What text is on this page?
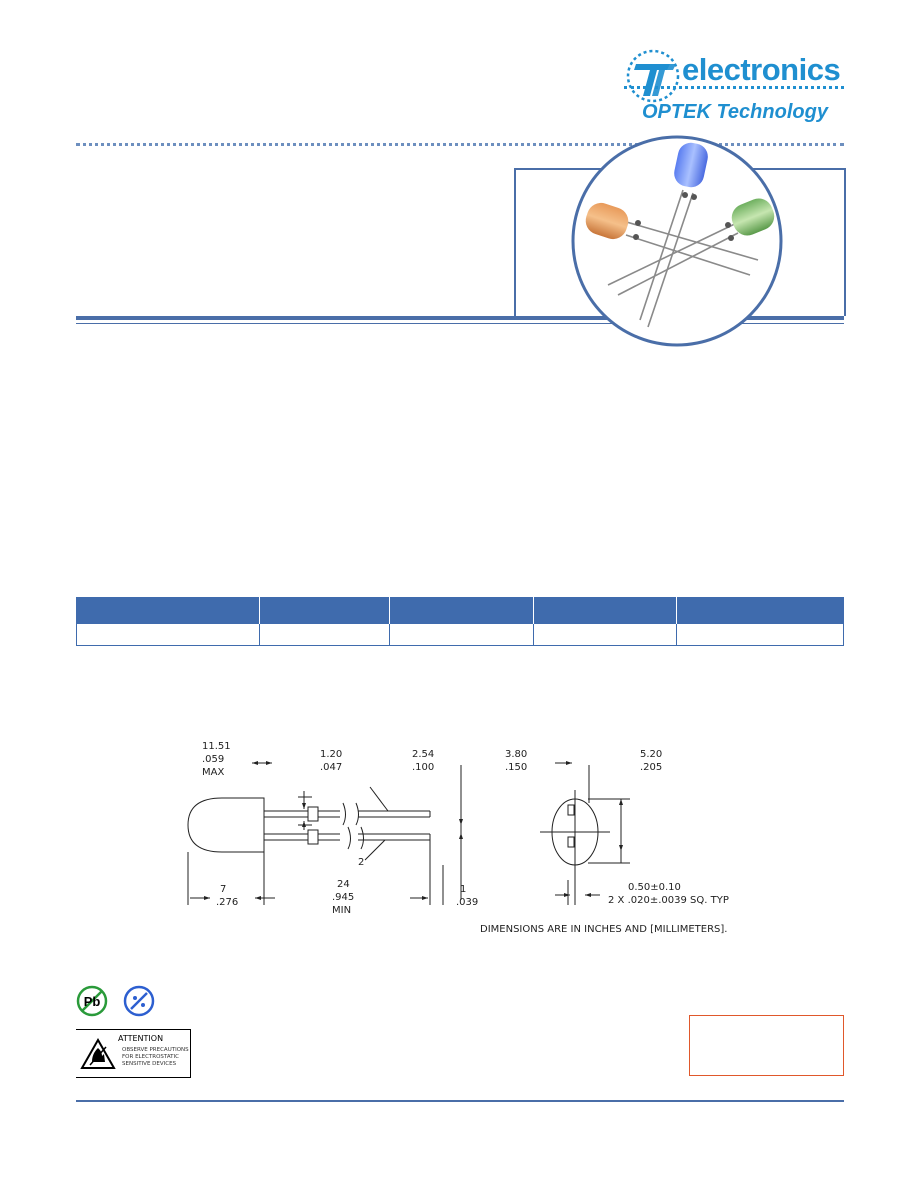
electronics
OPTEK Technology

11.51
.059
MAX
1.20
.047
2.54
.100
3.80
.150
5.20
.205
7
.276
24
.945
MIN
1
.039
2
0.50±0.10
2 X .020±.0039 SQ. TYP
DIMENSIONS ARE IN INCHES AND [MILLIMETERS].
Pb
ATTENTION
OBSERVE PRECAUTIONS
FOR ELECTROSTATIC
SENSITIVE DEVICES
